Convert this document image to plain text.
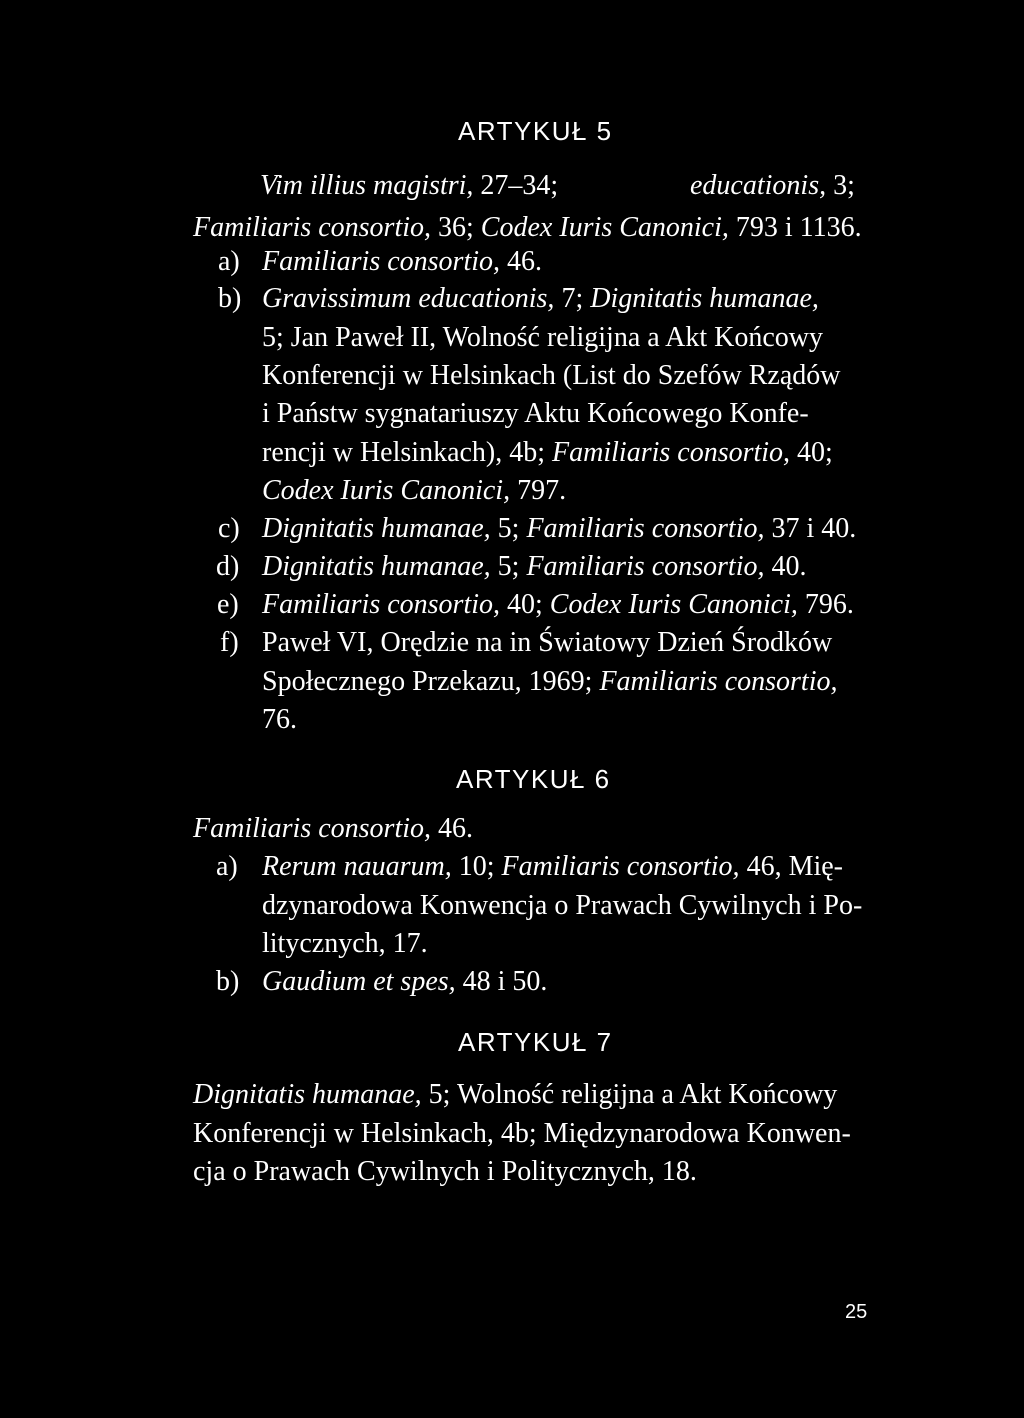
ARTYKUŁ 5
Vim illius magistri, 27–34;	educationis, 3;
Familiaris consortio, 36; Codex Iuris Canonici, 793 i 1136.
a) Familiaris consortio, 46.
b) Gravissimum educationis, 7; Dignitatis humanae,
5; Jan Paweł II, Wolność religijna a Akt Końcowy
Konferencji w Helsinkach (List do Szefów Rządów
i Państw sygnatariuszy Aktu Końcowego Konfe-
rencji w Helsinkach), 4b; Familiaris consortio, 40;
Codex Iuris Canonici, 797.
c) Dignitatis humanae, 5; Familiaris consortio, 37 i 40.
d) Dignitatis humanae, 5; Familiaris consortio, 40.
e) Familiaris consortio, 40; Codex Iuris Canonici, 796.
f) Paweł VI, Orędzie na in Światowy Dzień Środków
Społecznego Przekazu, 1969; Familiaris consortio,
76.
ARTYKUŁ 6
Familiaris consortio, 46.
a) Rerum nauarum, 10; Familiaris consortio, 46, Mię-
dzynarodowa Konwencja o Prawach Cywilnych i Po-
litycznych, 17.
b) Gaudium et spes, 48 i 50.
ARTYKUŁ 7
Dignitatis humanae, 5; Wolność religijna a Akt Końcowy
Konferencji w Helsinkach, 4b; Międzynarodowa Konwen-
cja o Prawach Cywilnych i Politycznych, 18.
25
